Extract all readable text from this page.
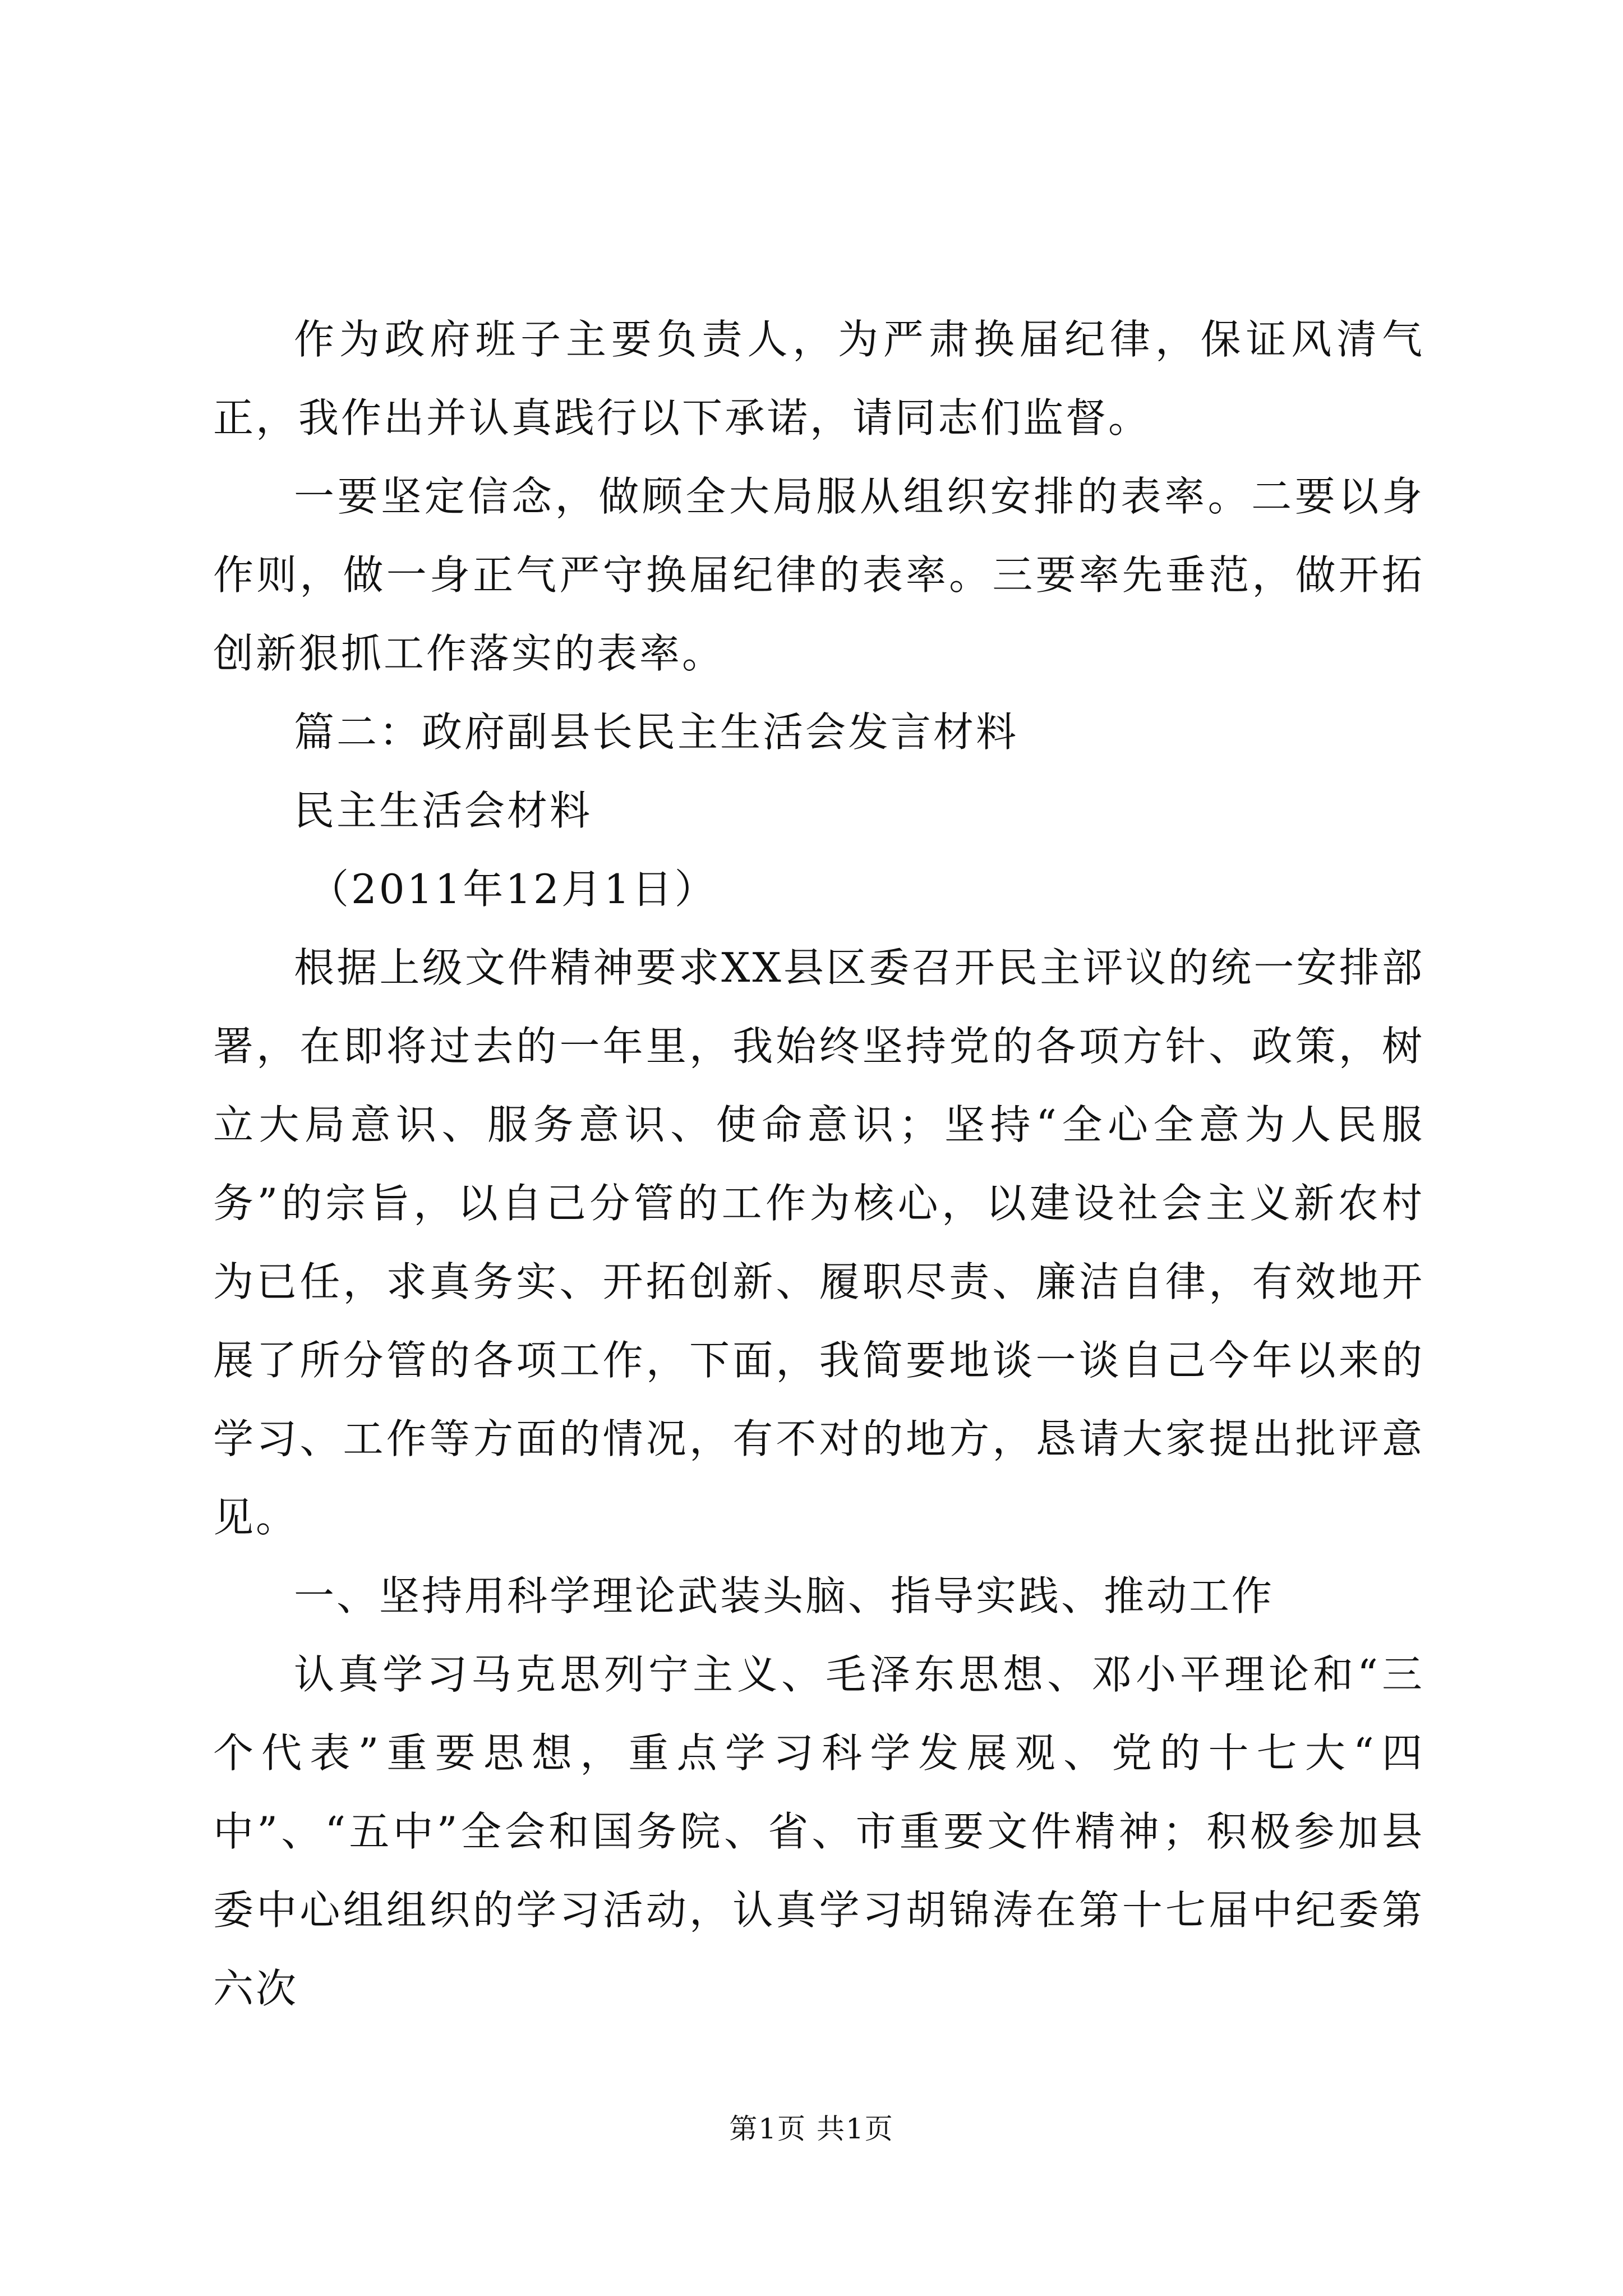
作为政府班子主要负责人，为严肃换届纪律，保证风清气正，我作出并认真践行以下承诺，请同志们监督。

一要坚定信念，做顾全大局服从组织安排的表率。二要以身作则，做一身正气严守换届纪律的表率。三要率先垂范，做开拓创新狠抓工作落实的表率。

篇二：政府副县长民主生活会发言材料

民主生活会材料

（2011年12月1日）

根据上级文件精神要求XX县区委召开民主评议的统一安排部署，在即将过去的一年里，我始终坚持党的各项方针、政策，树立大局意识、服务意识、使命意识；坚持“全心全意为人民服务”的宗旨，以自己分管的工作为核心，以建设社会主义新农村为已任，求真务实、开拓创新、履职尽责、廉洁自律，有效地开展了所分管的各项工作，下面，我简要地谈一谈自己今年以来的学习、工作等方面的情况，有不对的地方，恳请大家提出批评意见。

一、坚持用科学理论武装头脑、指导实践、推动工作

认真学习马克思列宁主义、毛泽东思想、邓小平理论和“三个代表”重要思想，重点学习科学发展观、党的十七大“四中”、“五中”全会和国务院、省、市重要文件精神；积极参加县委中心组组织的学习活动，认真学习胡锦涛在第十七届中纪委第六次

第1页 共1页
